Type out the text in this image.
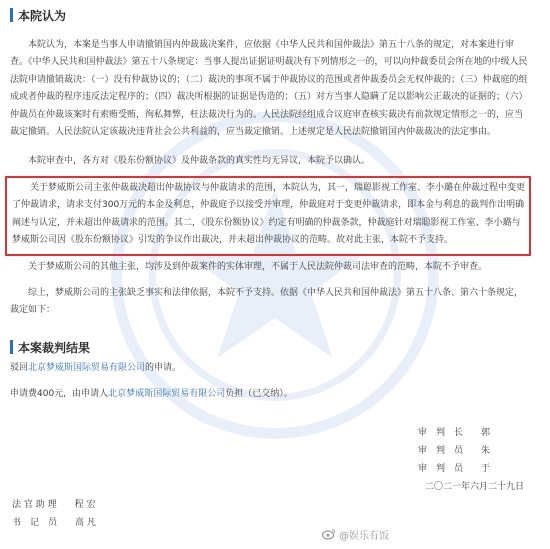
本院认为

本院认为，本案是当事人申请撤销国内仲裁裁决案件，应依据《中华人民共和国仲裁法》第五十八条的规定，对本案进行审查。《中华人民共和国仲裁法》第五十八条规定：当事人提出证据证明裁决有下列情形之一的，可以向仲裁委员会所在地的中级人民法院申请撤销裁决：（一）没有仲裁协议的；（二）裁决的事项不属于仲裁协议的范围或者仲裁委员会无权仲裁的；（三）仲裁庭的组成或者仲裁的程序违反法定程序的；（四）裁决所根据的证据是伪造的；（五）对方当事人隐瞒了足以影响公正裁决的证据的；（六）仲裁员在仲裁该案时有索贿受贿，徇私舞弊，枉法裁决行为的。人民法院经组成合议庭审查核实裁决有前款规定情形之一的，应当裁定撤销。人民法院认定该裁决违背社会公共利益的，应当裁定撤销。上述规定是人民法院撤销国内仲裁裁决的法定事由。

本院审查中，各方对《股东份额协议》及仲裁条款的真实性均无异议，本院予以确认。

关于梦威斯公司主张仲裁裁决超出仲裁协议与仲裁请求的范围，本院认为，其一，瑞聪影视工作室、李小璐在仲裁过程中变更了仲裁请求，请求支付300万元的本金及利息，仲裁庭予以接受并审理，仲裁庭对于变更仲裁请求，即本金与利息的裁判作出明确阐述与认定，并未超出仲裁请求的范围。其二，《股东份额协议》约定有明确的仲裁条款，仲裁庭针对瑞聪影视工作室、李小璐与梦威斯公司因《股东份额协议》引发的争议作出裁决，并未超出仲裁协议的范畴。故对此主张，本院不予支持。

关于梦威斯公司的其他主张，均涉及到仲裁案件的实体审理，不属于人民法院仲裁司法审查的范畴，本院不予审查。

综上，梦威斯公司的主张缺乏事实和法律依据，本院不予支持。依据《中华人民共和国仲裁法》第五十八条、第六十条规定，裁定如下：

本案裁判结果

驳回北京梦威斯国际贸易有限公司的申请。

申请费400元，由申请人北京梦威斯国际贸易有限公司负担（已交纳）。

审　判　长　　郭
审　判　员　　朱
审　判　员　　于
二〇二一年六月二十九日
法 官 助 理　　程 宏
书　记　员　　高 凡
@娱乐有饭
